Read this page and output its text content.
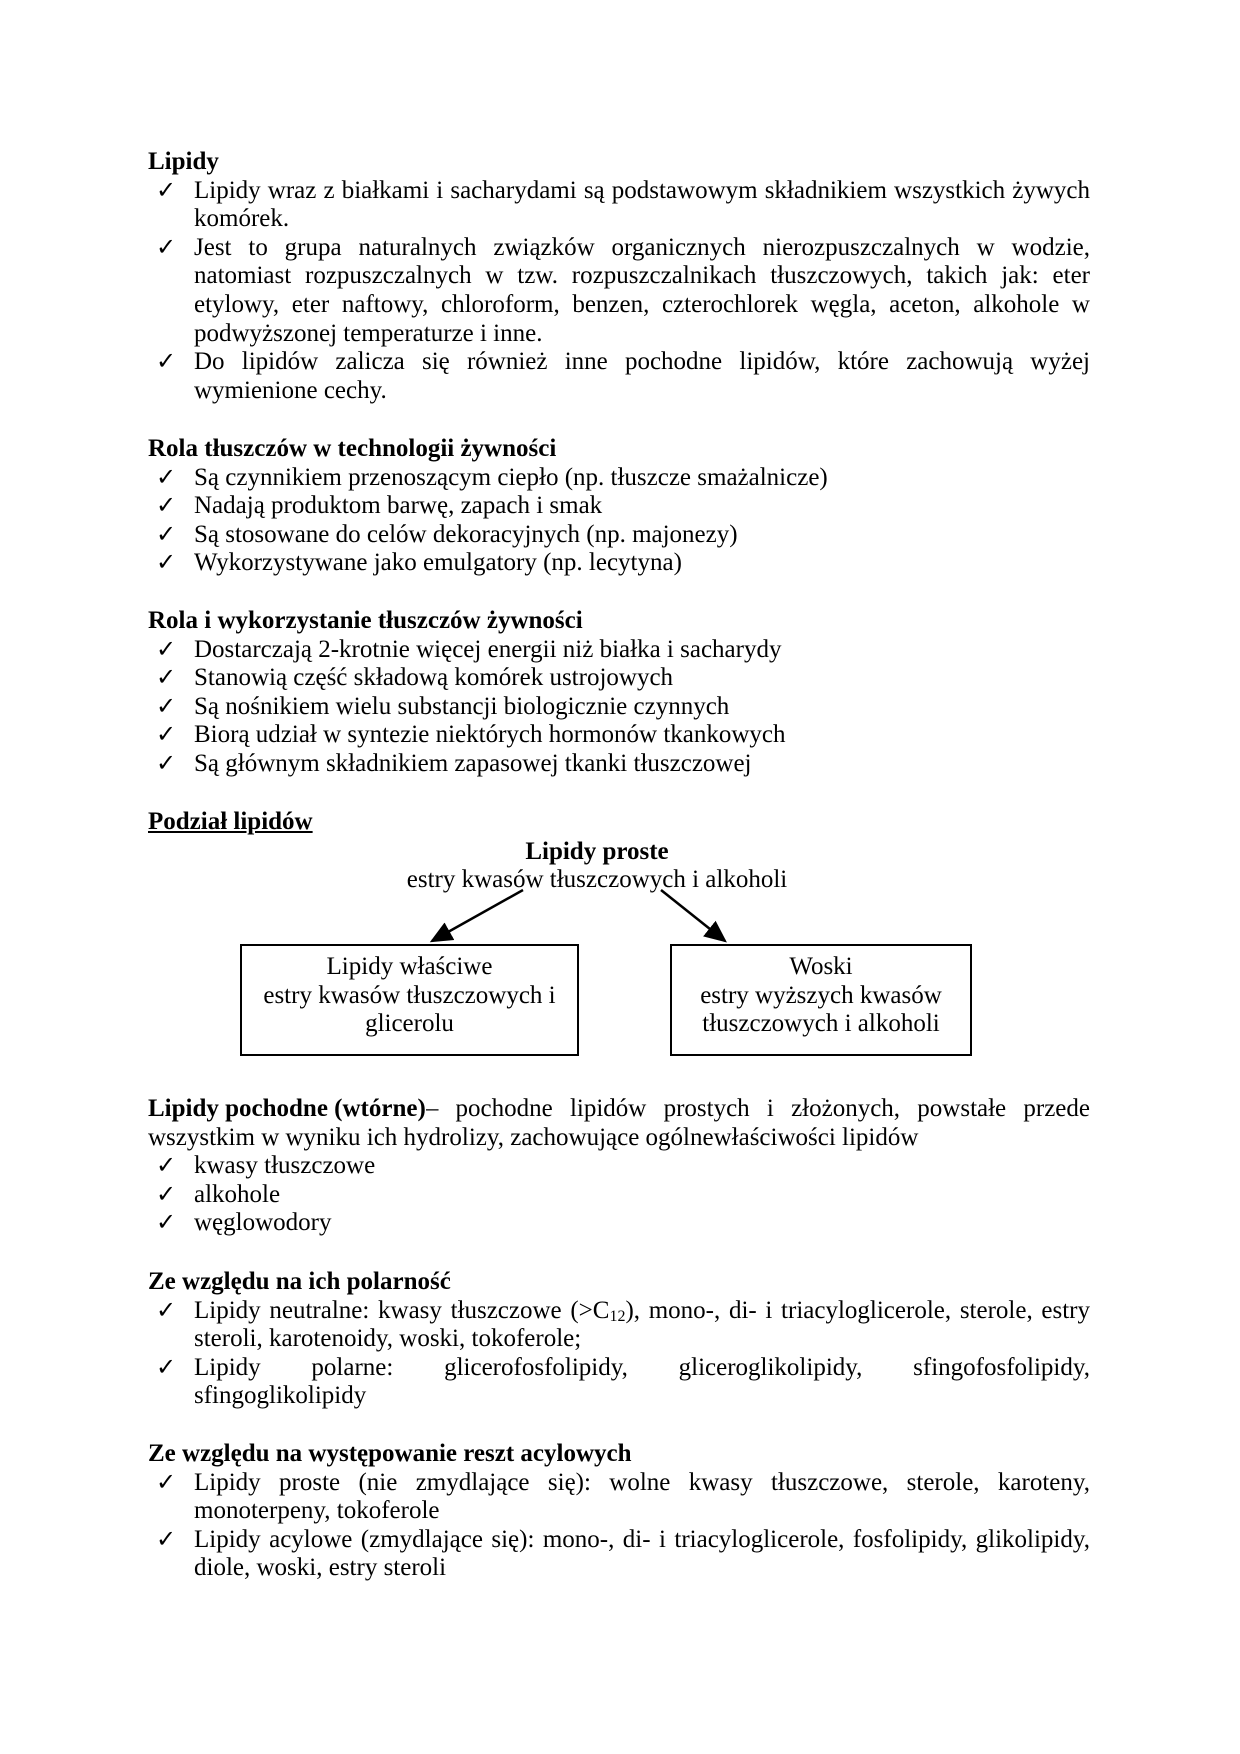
Lipidy
✓ Lipidy wraz z białkami i sacharydami są podstawowym składnikiem wszystkich żywych
komórek.
✓ Jest to grupa naturalnych związków organicznych nierozpuszczalnych w wodzie,
natomiast rozpuszczalnych w tzw. rozpuszczalnikach tłuszczowych, takich jak: eter
etylowy, eter naftowy, chloroform, benzen, czterochlorek węgla, aceton, alkohole w
podwyższonej temperaturze i inne.
✓ Do lipidów zalicza się również inne pochodne lipidów, które zachowują wyżej
wymienione cechy.
Rola tłuszczów w technologii żywności
✓ Są czynnikiem przenoszącym ciepło (np. tłuszcze smażalnicze)
✓ Nadają produktom barwę, zapach i smak
✓ Są stosowane do celów dekoracyjnych (np. majonezy)
✓ Wykorzystywane jako emulgatory (np. lecytyna)
Rola i wykorzystanie tłuszczów żywności
✓ Dostarczają 2-krotnie więcej energii niż białka i sacharydy
✓ Stanowią część składową komórek ustrojowych
✓ Są nośnikiem wielu substancji biologicznie czynnych
✓ Biorą udział w syntezie niektórych hormonów tkankowych
✓ Są głównym składnikiem zapasowej tkanki tłuszczowej
Podział lipidów
Lipidy proste
estry kwasów tłuszczowych i alkoholi
Lipidy właściwe
estry kwasów tłuszczowych i
glicerolu
Woski
estry wyższych kwasów
tłuszczowych i alkoholi
Lipidy pochodne (wtórne) – pochodne lipidów prostych i złożonych, powstałe przede
wszystkim w wyniku ich hydrolizy, zachowujące ogólnewłaściwości lipidów
✓ kwasy tłuszczowe
✓ alkohole
✓ węglowodory
Ze względu na ich polarność
✓ Lipidy neutralne: kwasy tłuszczowe $(>C_{12})$, mono-, di- i triacyloglicerole, sterole, estry
steroli, karotenoidy, woski, tokoferole;
✓ Lipidy polarne: glicerofosfolipidy, gliceroglikolipidy, sfingofosfolipidy,
sfingoglikolipidy
Ze względu na występowanie reszt acylowych
✓ Lipidy proste (nie zmydlające się): wolne kwasy tłuszczowe, sterole, karoteny,
monoterpeny, tokoferole
✓ Lipidy acylowe (zmydlające się): mono-, di- i triacyloglicerole, fosfolipidy, glikolipidy,
diole, woski, estry steroli
